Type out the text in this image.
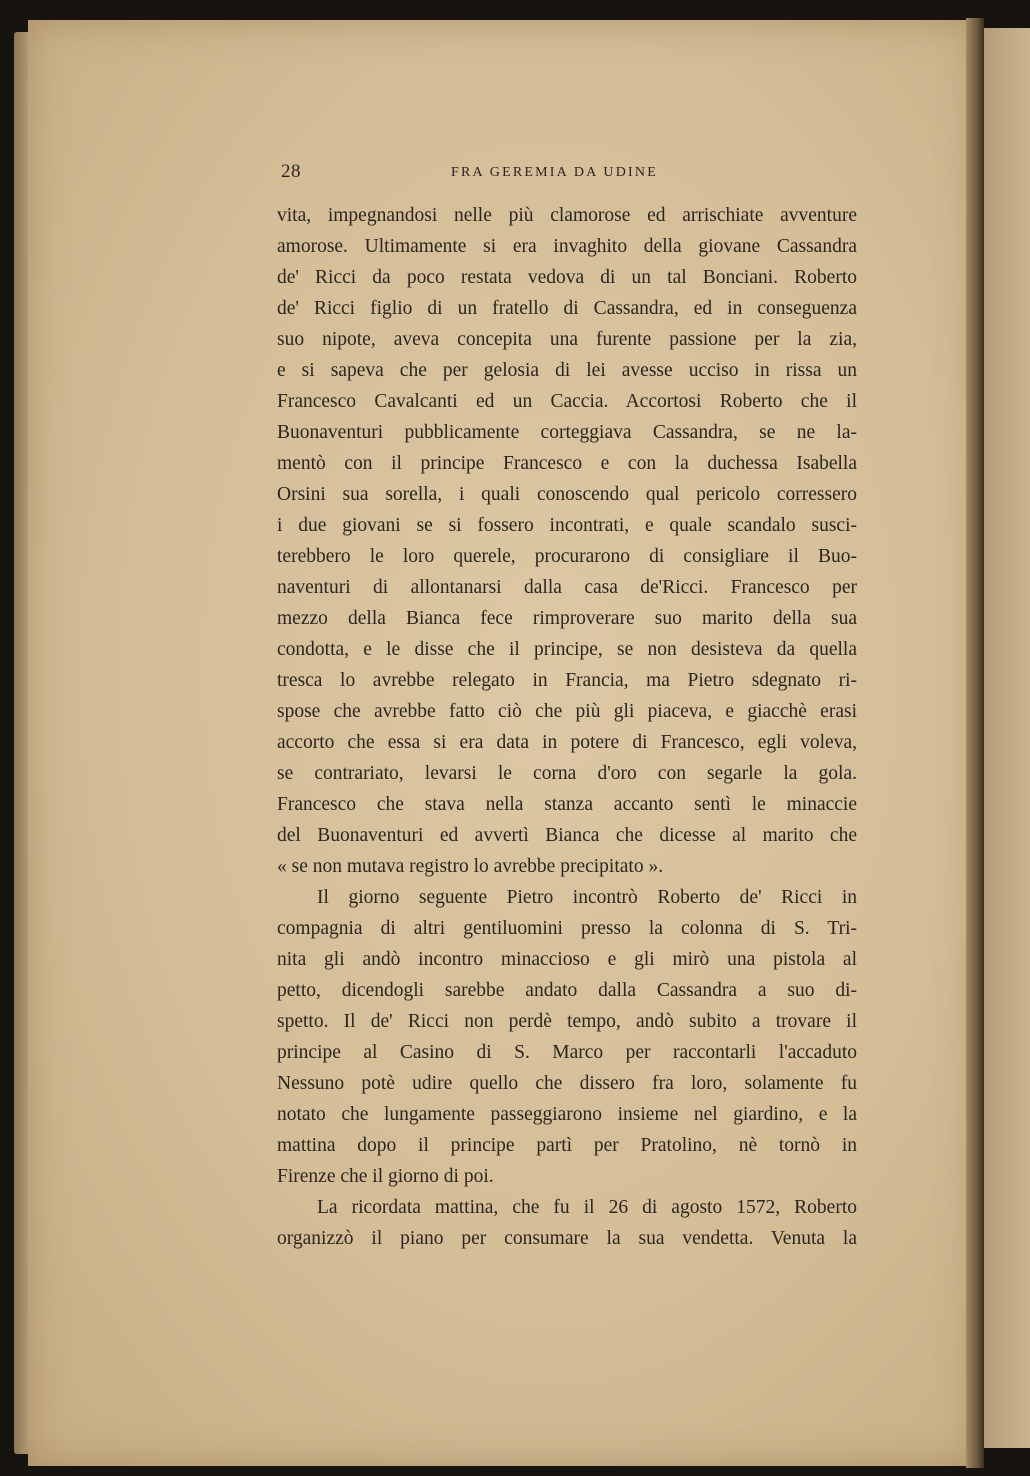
28	FRA GEREMIA DA UDINE
vita, impegnandosi nelle più clamorose ed arrischiate avventure
amorose. Ultimamente si era invaghito della giovane Cassandra
de' Ricci da poco restata vedova di un tal Bonciani. Roberto
de' Ricci figlio di un fratello di Cassandra, ed in conseguenza
suo nipote, aveva concepita una furente passione per la zia,
e si sapeva che per gelosia di lei avesse ucciso in rissa un
Francesco Cavalcanti ed un Caccia. Accortosi Roberto che il
Buonaventuri pubblicamente corteggiava Cassandra, se ne la-
mentò con il principe Francesco e con la duchessa Isabella
Orsini sua sorella, i quali conoscendo qual pericolo corressero
i due giovani se si fossero incontrati, e quale scandalo susci-
terebbero le loro querele, procurarono di consigliare il Buo-
naventuri di allontanarsi dalla casa de'Ricci. Francesco per
mezzo della Bianca fece rimproverare suo marito della sua
condotta, e le disse che il principe, se non desisteva da quella
tresca lo avrebbe relegato in Francia, ma Pietro sdegnato ri-
spose che avrebbe fatto ciò che più gli piaceva, e giacchè erasi
accorto che essa si era data in potere di Francesco, egli voleva,
se contrariato, levarsi le corna d'oro con segarle la gola.
Francesco che stava nella stanza accanto sentì le minaccie
del Buonaventuri ed avvertì Bianca che dicesse al marito che
« se non mutava registro lo avrebbe precipitato ».
Il giorno seguente Pietro incontrò Roberto de' Ricci in
compagnia di altri gentiluomini presso la colonna di S. Tri-
nita gli andò incontro minaccioso e gli mirò una pistola al
petto, dicendogli sarebbe andato dalla Cassandra a suo di-
spetto. Il de' Ricci non perdè tempo, andò subito a trovare il
principe al Casino di S. Marco per raccontarli l'accaduto
Nessuno potè udire quello che dissero fra loro, solamente fu
notato che lungamente passeggiarono insieme nel giardino, e la
mattina dopo il principe partì per Pratolino, nè tornò in
Firenze che il giorno di poi.
La ricordata mattina, che fu il 26 di agosto 1572, Roberto
organizzò il piano per consumare la sua vendetta. Venuta la
